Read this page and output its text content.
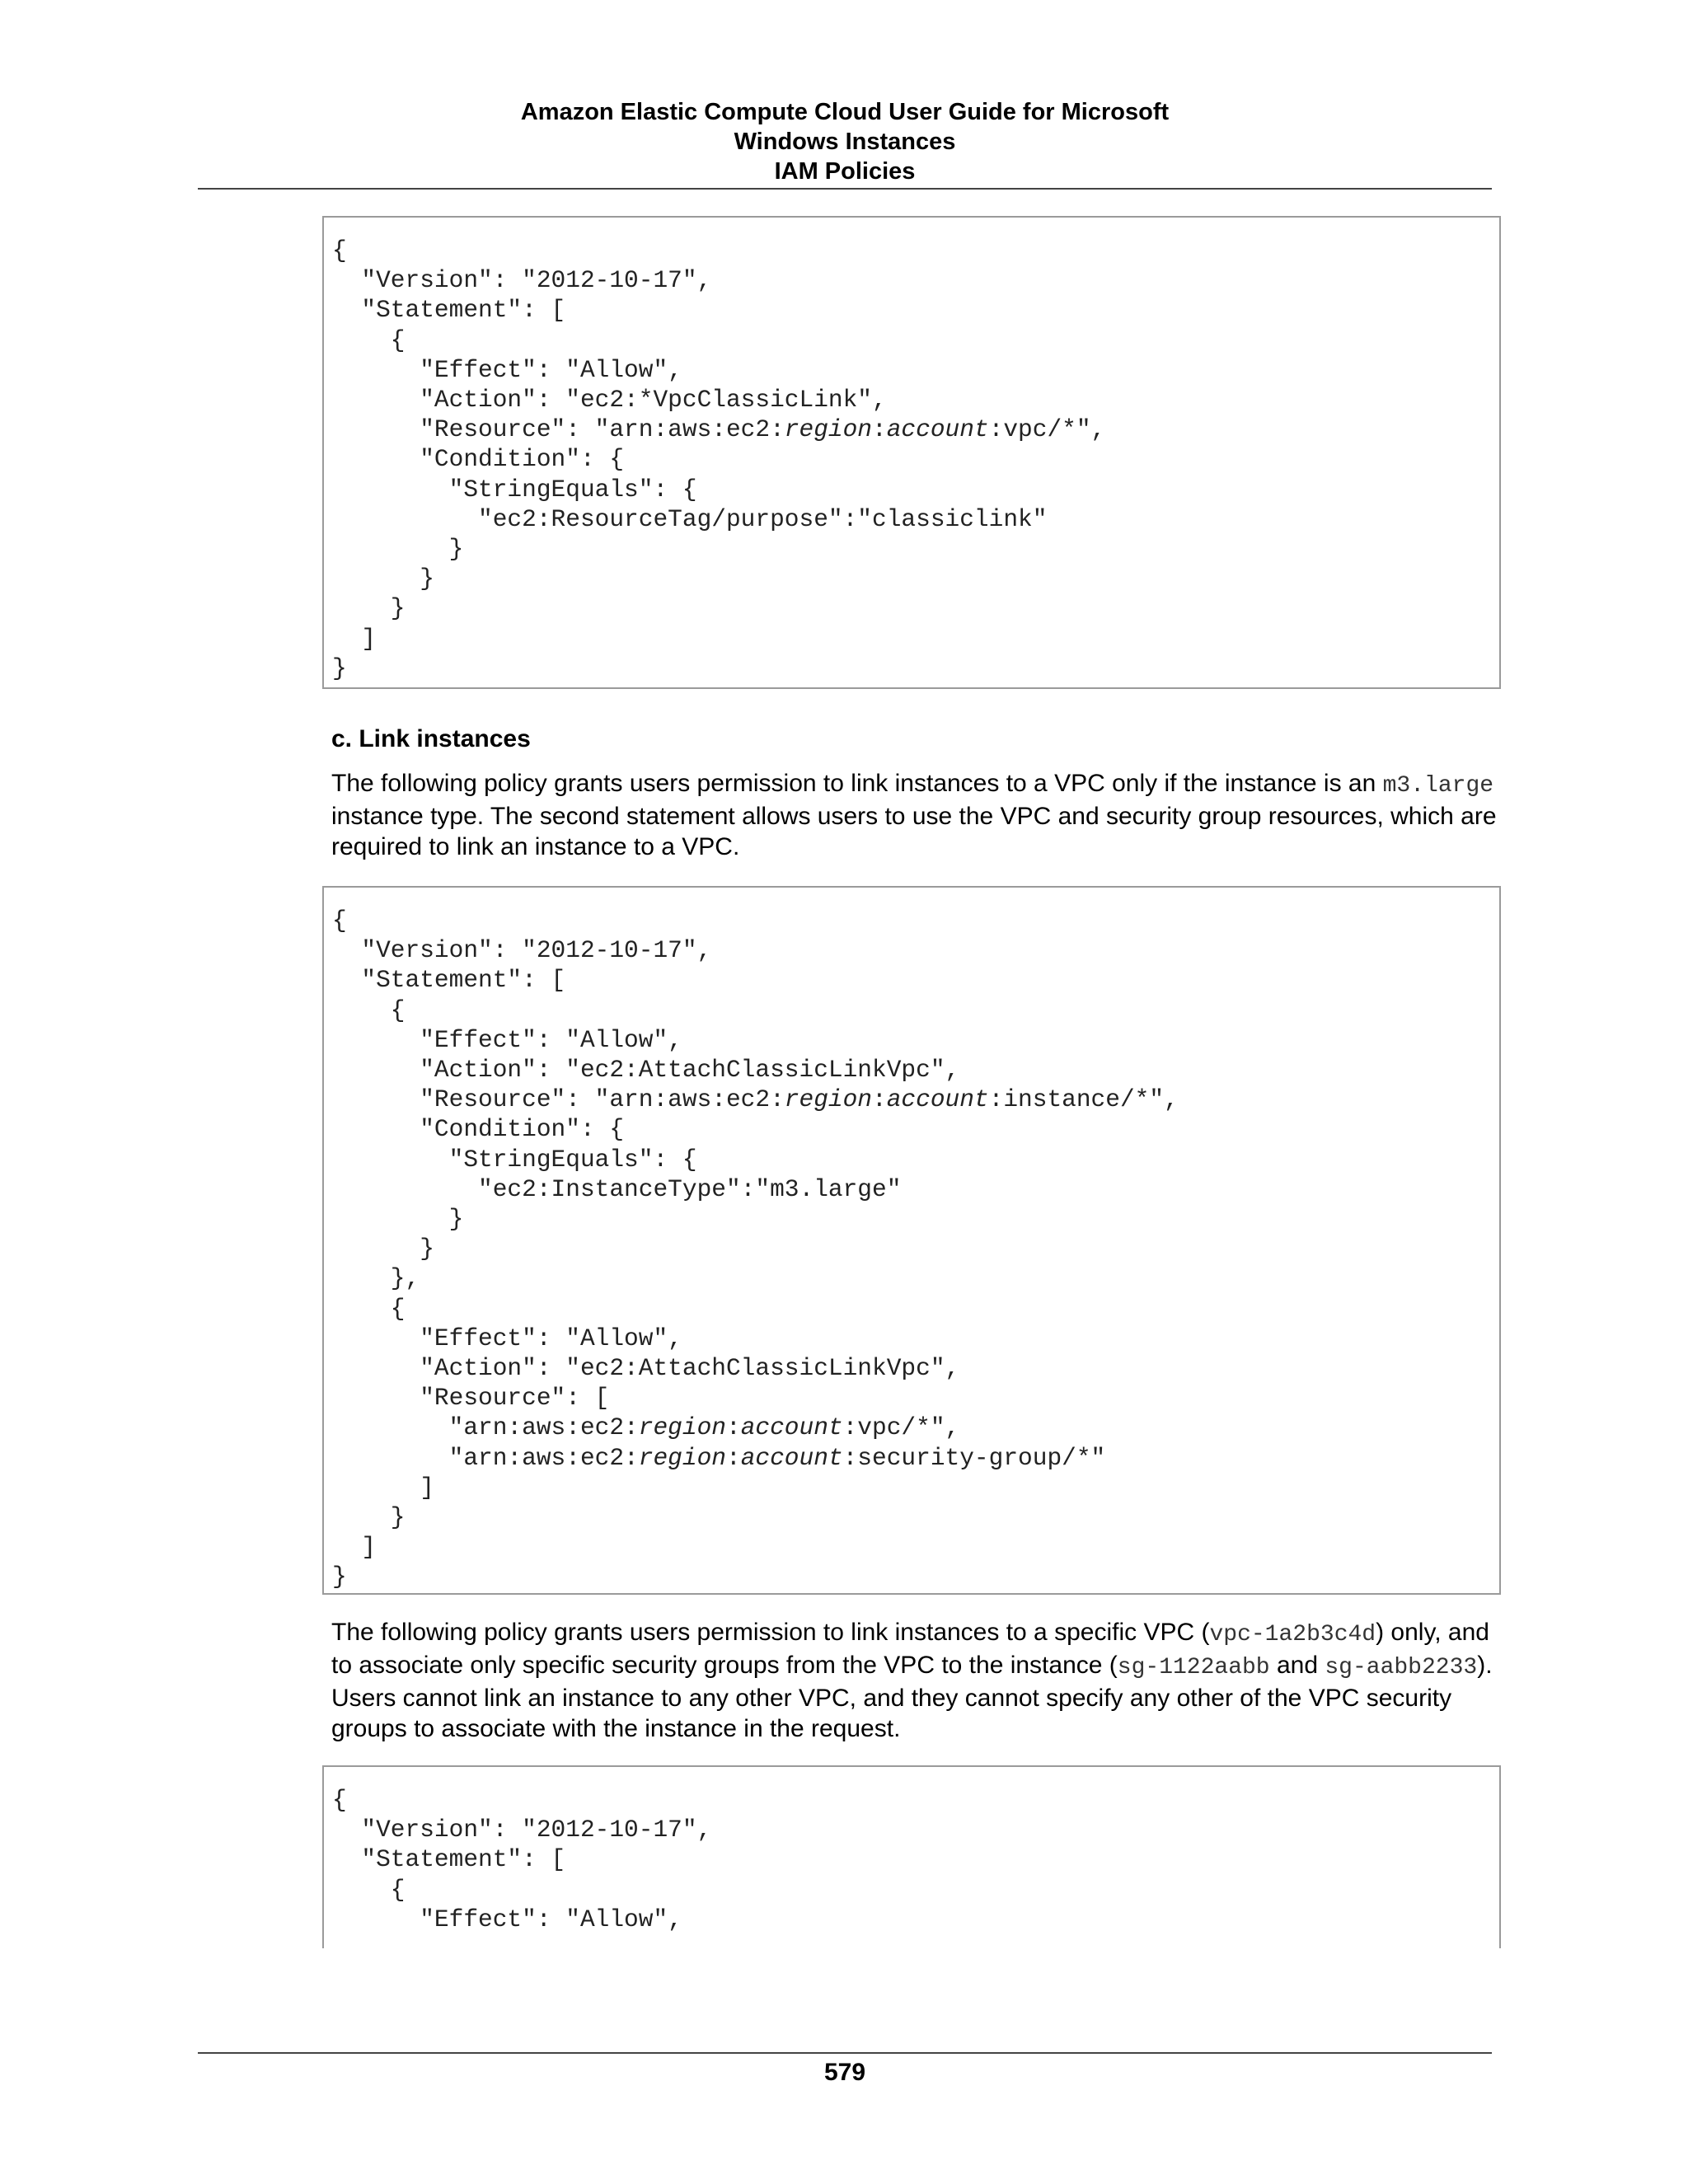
Amazon Elastic Compute Cloud User Guide for Microsoft
Windows Instances
IAM Policies
{
"Version": "2012-10-17",
"Statement": [
{
"Effect": "Allow",
"Action": "ec2:*VpcClassicLink",
"Resource": "arn:aws:ec2:region:account:vpc/*",
"Condition": {
"StringEquals": {
"ec2:ResourceTag/purpose":"classiclink"
}
}
}
]
}
c. Link instances
The following policy grants users permission to link instances to a VPC only if the instance is an m3.large instance type. The second statement allows users to use the VPC and security group resources, which are required to link an instance to a VPC.
{
"Version": "2012-10-17",
"Statement": [
{
"Effect": "Allow",
"Action": "ec2:AttachClassicLinkVpc",
"Resource": "arn:aws:ec2:region:account:instance/*",
"Condition": {
"StringEquals": {
"ec2:InstanceType":"m3.large"
}
}
},
{
"Effect": "Allow",
"Action": "ec2:AttachClassicLinkVpc",
"Resource": [
"arn:aws:ec2:region:account:vpc/*",
"arn:aws:ec2:region:account:security-group/*"
]
}
]
}
The following policy grants users permission to link instances to a specific VPC (vpc-1a2b3c4d) only, and to associate only specific security groups from the VPC to the instance (sg-1122aabb and sg-aabb2233). Users cannot link an instance to any other VPC, and they cannot specify any other of the VPC security groups to associate with the instance in the request.
{
"Version": "2012-10-17",
"Statement": [
{
"Effect": "Allow",
579
